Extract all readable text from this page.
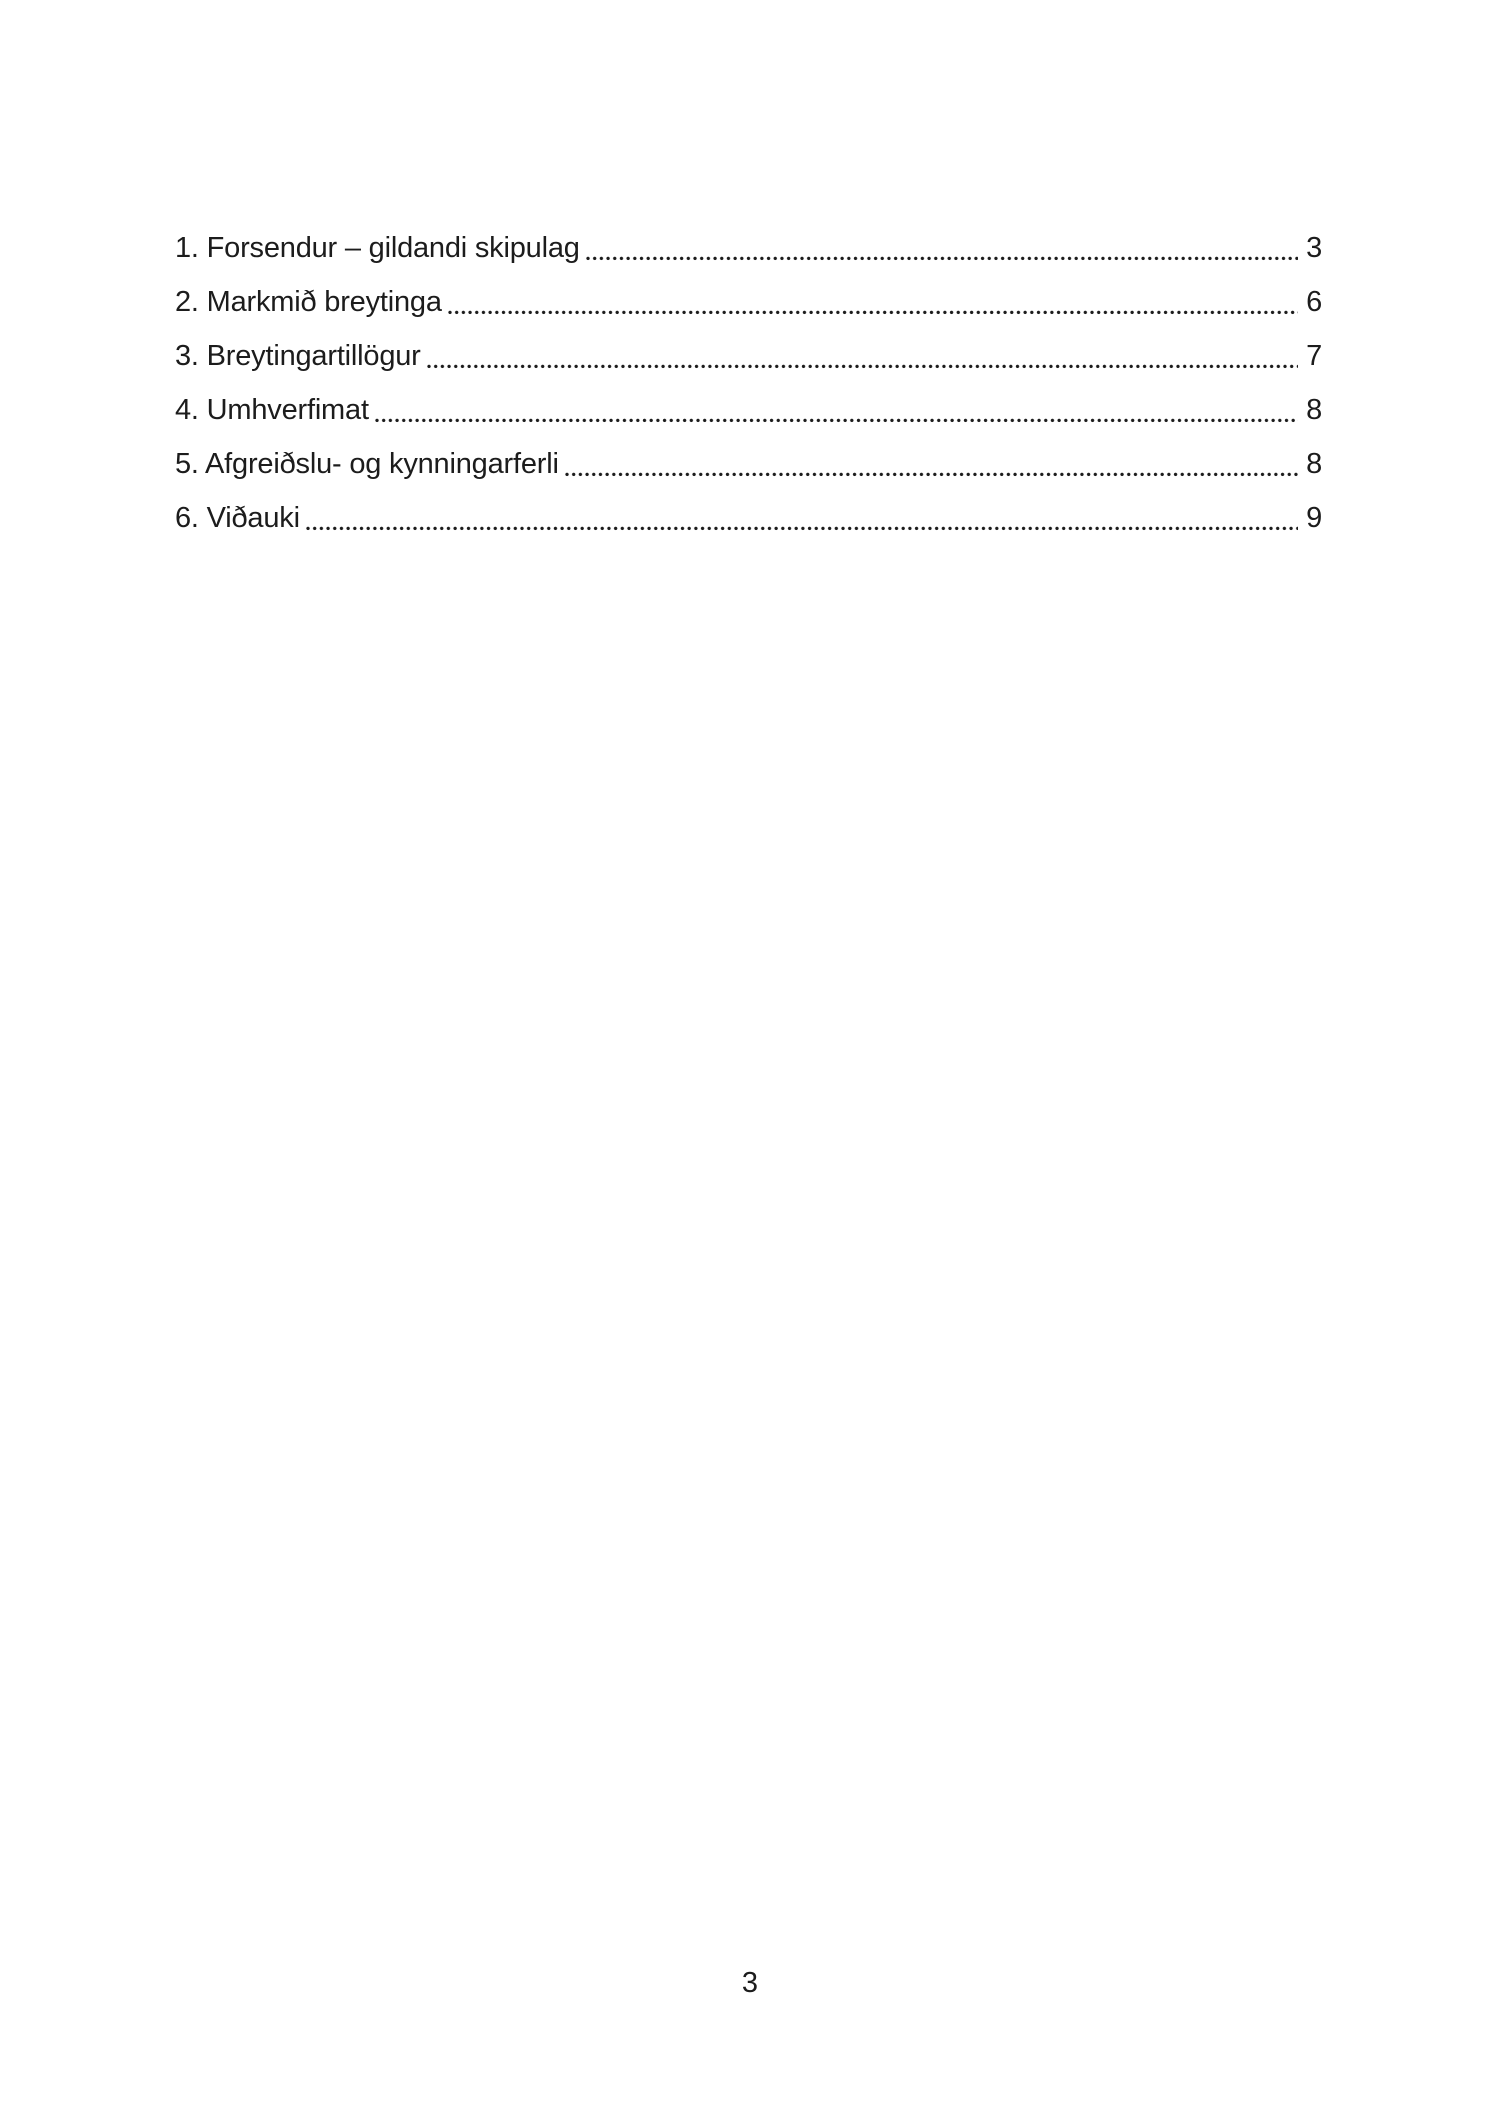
1. Forsendur – gildandi skipulag	3
2. Markmið breytinga	6
3. Breytingartillögur	7
4. Umhverfimat	8
5. Afgreiðslu- og kynningarferli	8
6. Viðauki	9
3
